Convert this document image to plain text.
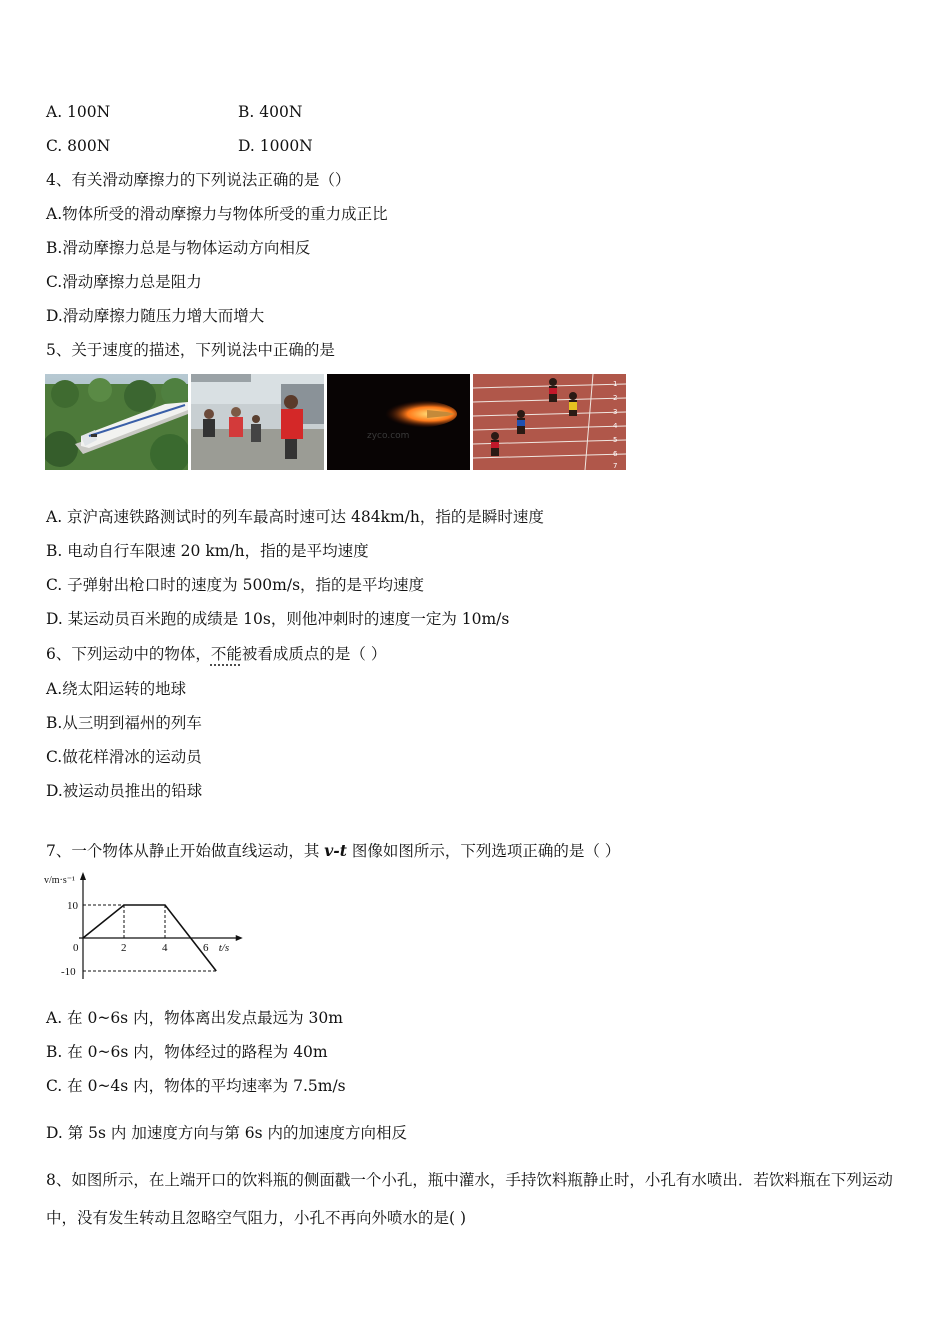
A. 100N	B. 400N
C. 800N	D. 1000N
4、有关滑动摩擦力的下列说法正确的是（）
A.物体所受的滑动摩擦力与物体所受的重力成正比
B.滑动摩擦力总是与物体运动方向相反
C.滑动摩擦力总是阻力
D.滑动摩擦力随压力增大而增大
5、关于速度的描述，下列说法中正确的是
zyco.com
1
2
3
4
5
6
7
A. 京沪高速铁路测试时的列车最高时速可达 484km/h，指的是瞬时速度
B. 电动自行车限速 20 km/h，指的是平均速度
C. 子弹射出枪口时的速度为 500m/s，指的是平均速度
D. 某运动员百米跑的成绩是 10s，则他冲刺时的速度一定为 10m/s
6、下列运动中的物体，不能被看成质点的是（ ）
A.绕太阳运转的地球
B.从三明到福州的列车
C.做花样滑冰的运动员
D.被运动员推出的铅球
7、一个物体从静止开始做直线运动，其 v-t 图像如图所示，下列选项正确的是（ ）
0	2	4	6
10
-10
t/s
v/m·s⁻¹
A. 在 0~6s 内，物体离出发点最远为 30m
B. 在 0~6s 内，物体经过的路程为 40m
C. 在 0~4s 内，物体的平均速率为 7.5m/s
D. 第 5s 内 加速度方向与第 6s 内的加速度方向相反
8、如图所示，在上端开口的饮料瓶的侧面戳一个小孔，瓶中灌水，手持饮料瓶静止时，小孔有水喷出．若饮料瓶在下列运动中，没有发生转动且忽略空气阻力，小孔不再向外喷水的是( )
